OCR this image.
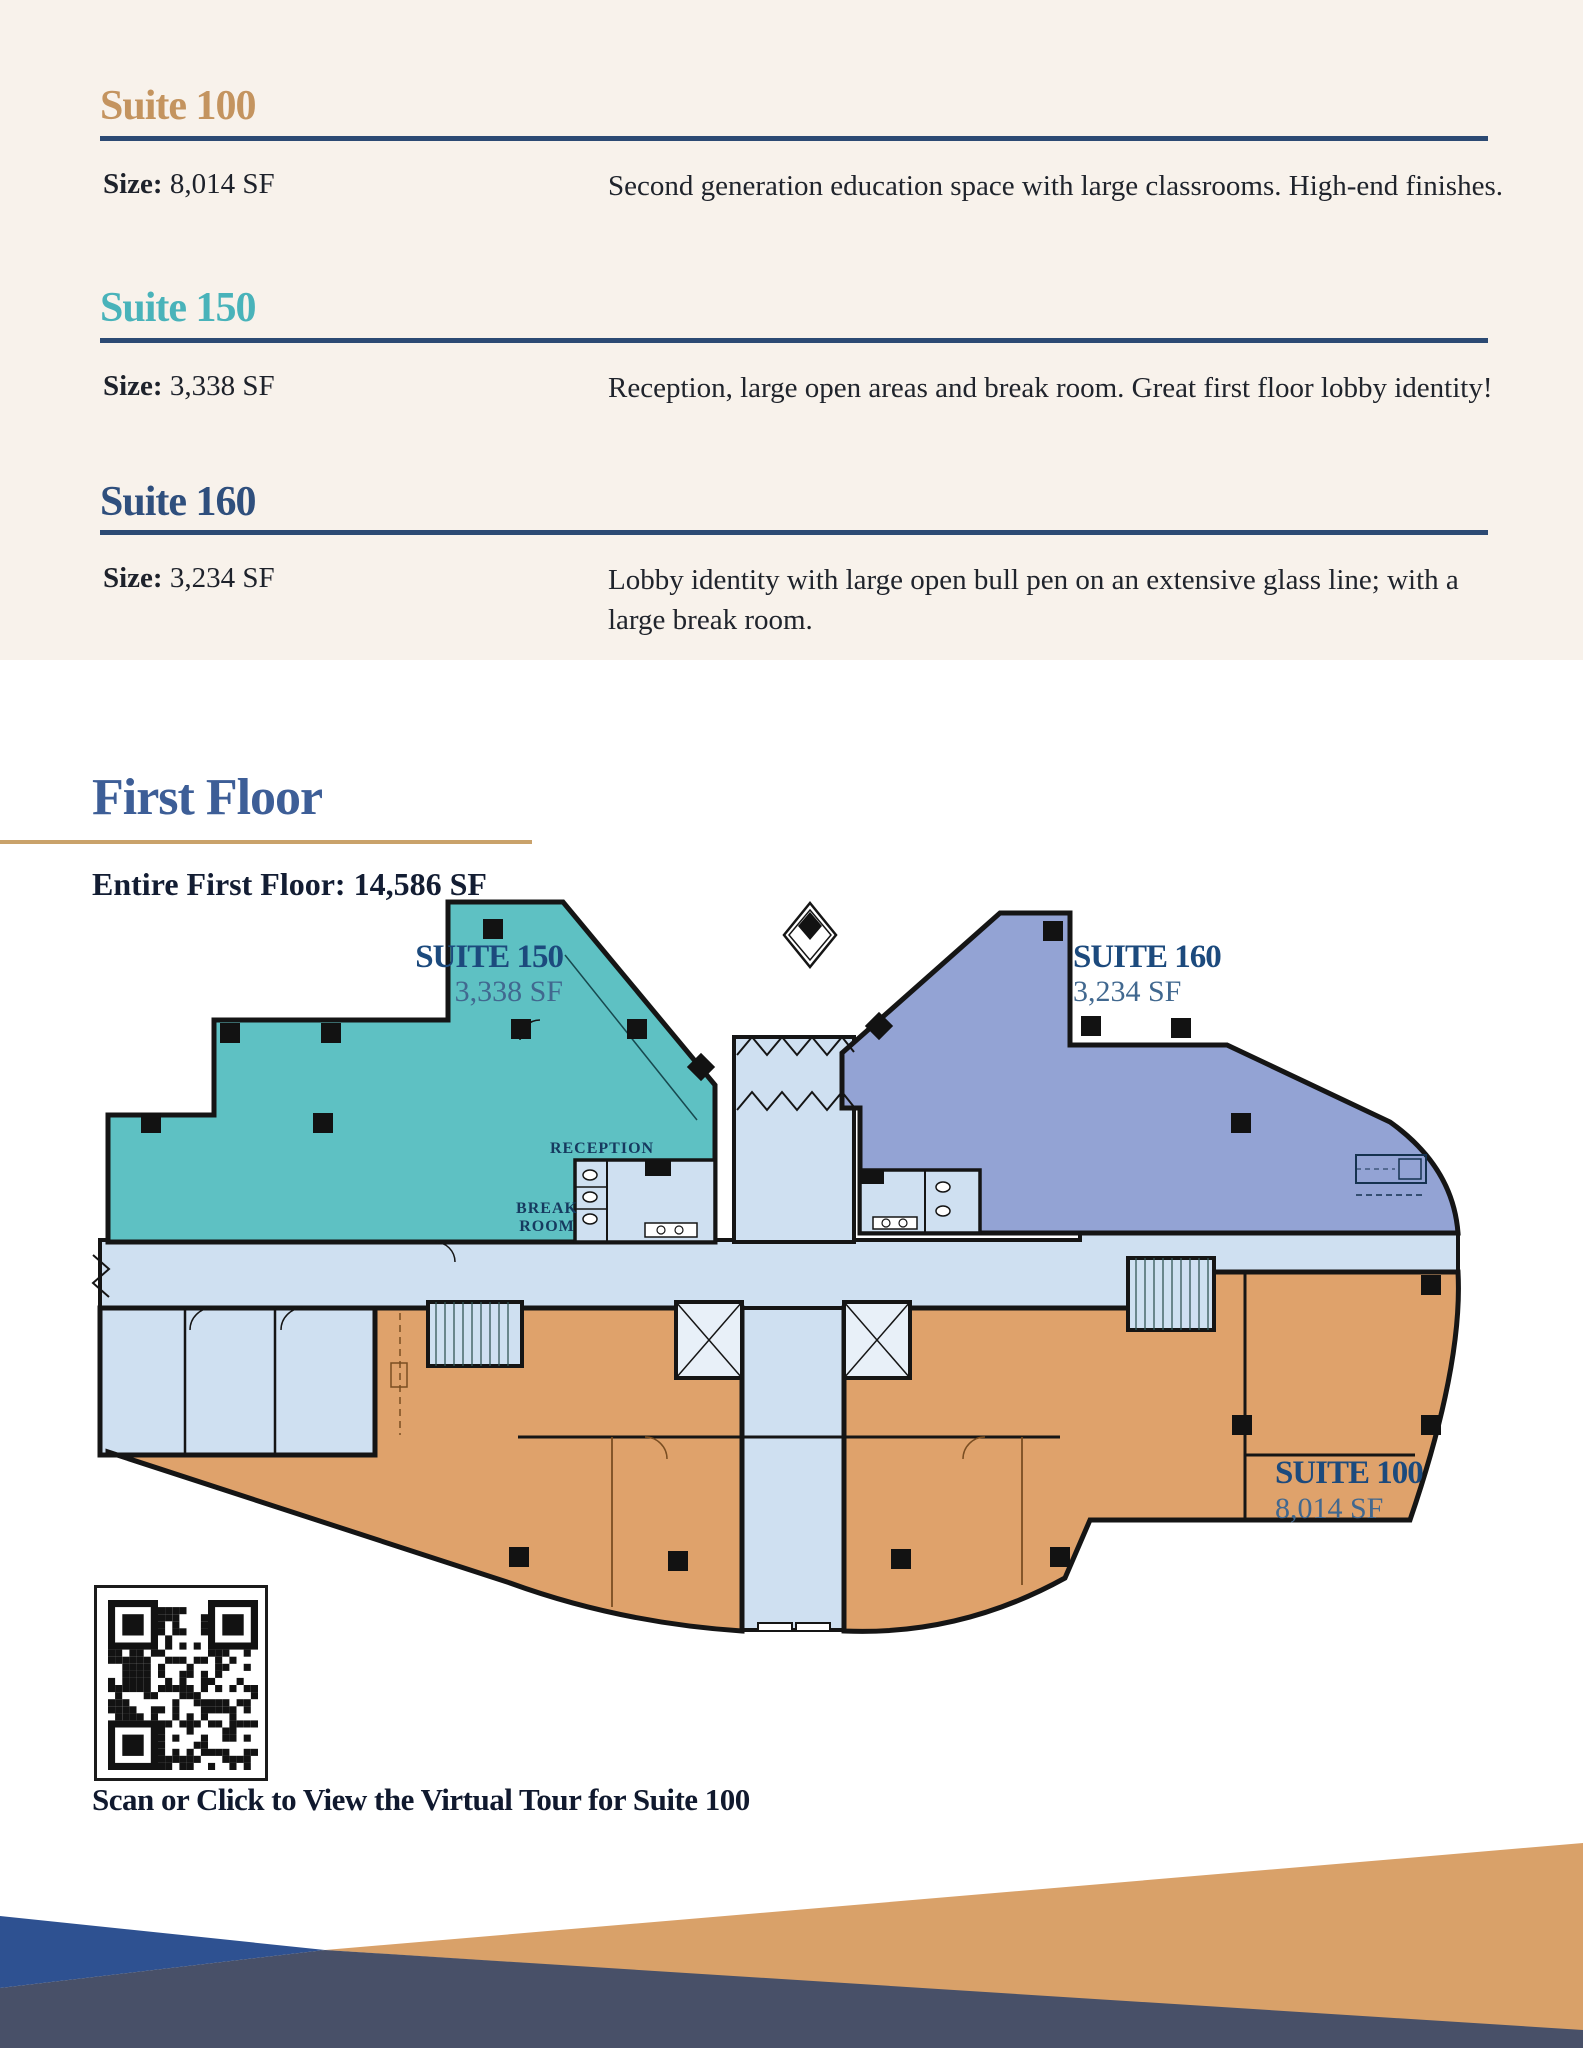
Suite 100
Size: 8,014 SF	Second generation education space with large classrooms. High-end finishes.
Suite 150
Size: 3,338 SF	Reception, large open areas and break room. Great first floor lobby identity!
Suite 160
Size: 3,234 SF	Lobby identity with large open bull pen on an extensive glass line; with a large break room.
First Floor
Entire First Floor: 14,586 SF
SUITE 150
3,338 SF
SUITE 160
3,234 SF
SUITE 100
8,014 SF
RECEPTION
BREAK
ROOM
Scan or Click to View the Virtual Tour for Suite 100
